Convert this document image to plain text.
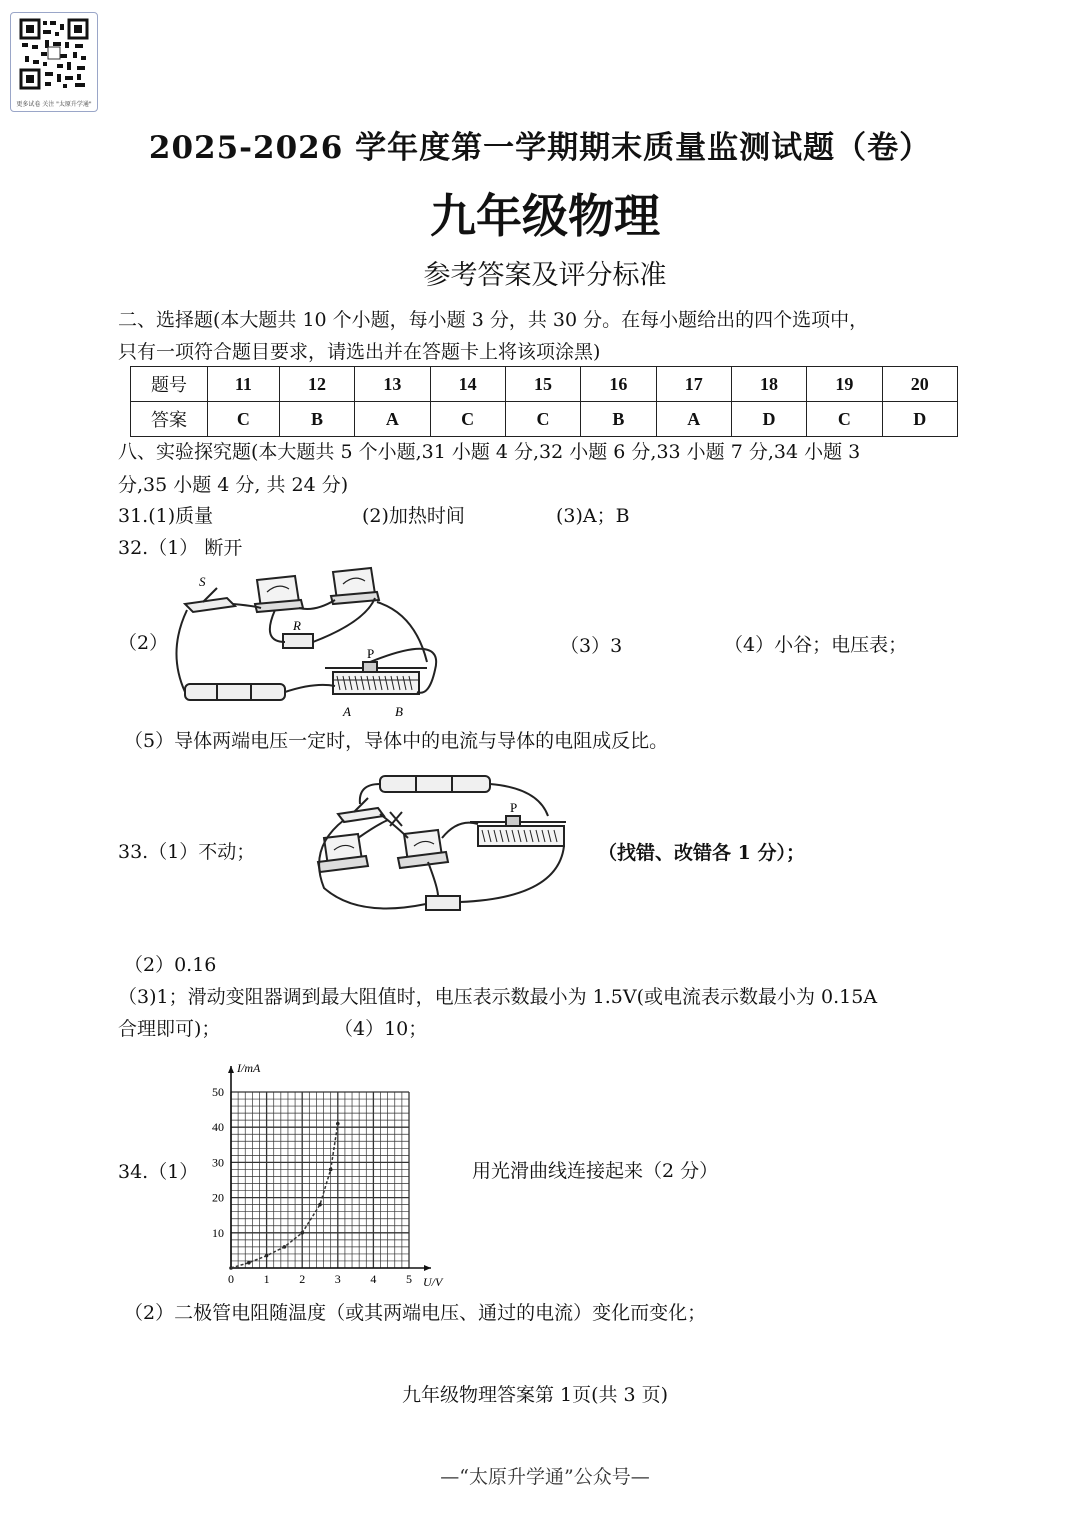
更多试卷 关注 "太原升学通"
2025-2026 学年度第一学期期末质量监测试题（卷）
九年级物理
参考答案及评分标准
二、选择题(本大题共 10 个小题，每小题 3 分，共 30 分。在每小题给出的四个选项中，
只有一项符合题目要求，请选出并在答题卡上将该项涂黑)
题号	11	12	13	14	15	16	17	18	19	20
答案	C	B	A	C	C	B	A	D	C	D
八、实验探究题(本大题共 5 个小题,31 小题 4 分,32 小题 6 分,33 小题 7 分,34 小题 3
分,35 小题 4 分, 共 24 分)
31.(1)质量	(2)加热时间	(3)A；B
32.（1） 断开
（2）
S
R
P
A	B
（3）3	（4）小谷；电压表；
（5）导体两端电压一定时，导体中的电流与导体的电阻成反比。
P
33.（1）不动；	（找错、改错各 1 分）；
（2）0.16
（3)1；滑动变阻器调到最大阻值时，电压表示数最小为 1.5V(或电流表示数最小为 0.15A
合理即可)；	（4）10；
34.（1）	用光滑曲线连接起来（2 分）
0 1 2 3 4 5
10
20
30
40
50
I/mA
U/V
（2）二极管电阻随温度（或其两端电压、通过的电流）变化而变化；
九年级物理答案第 1页(共 3 页)
—“太原升学通”公众号—
